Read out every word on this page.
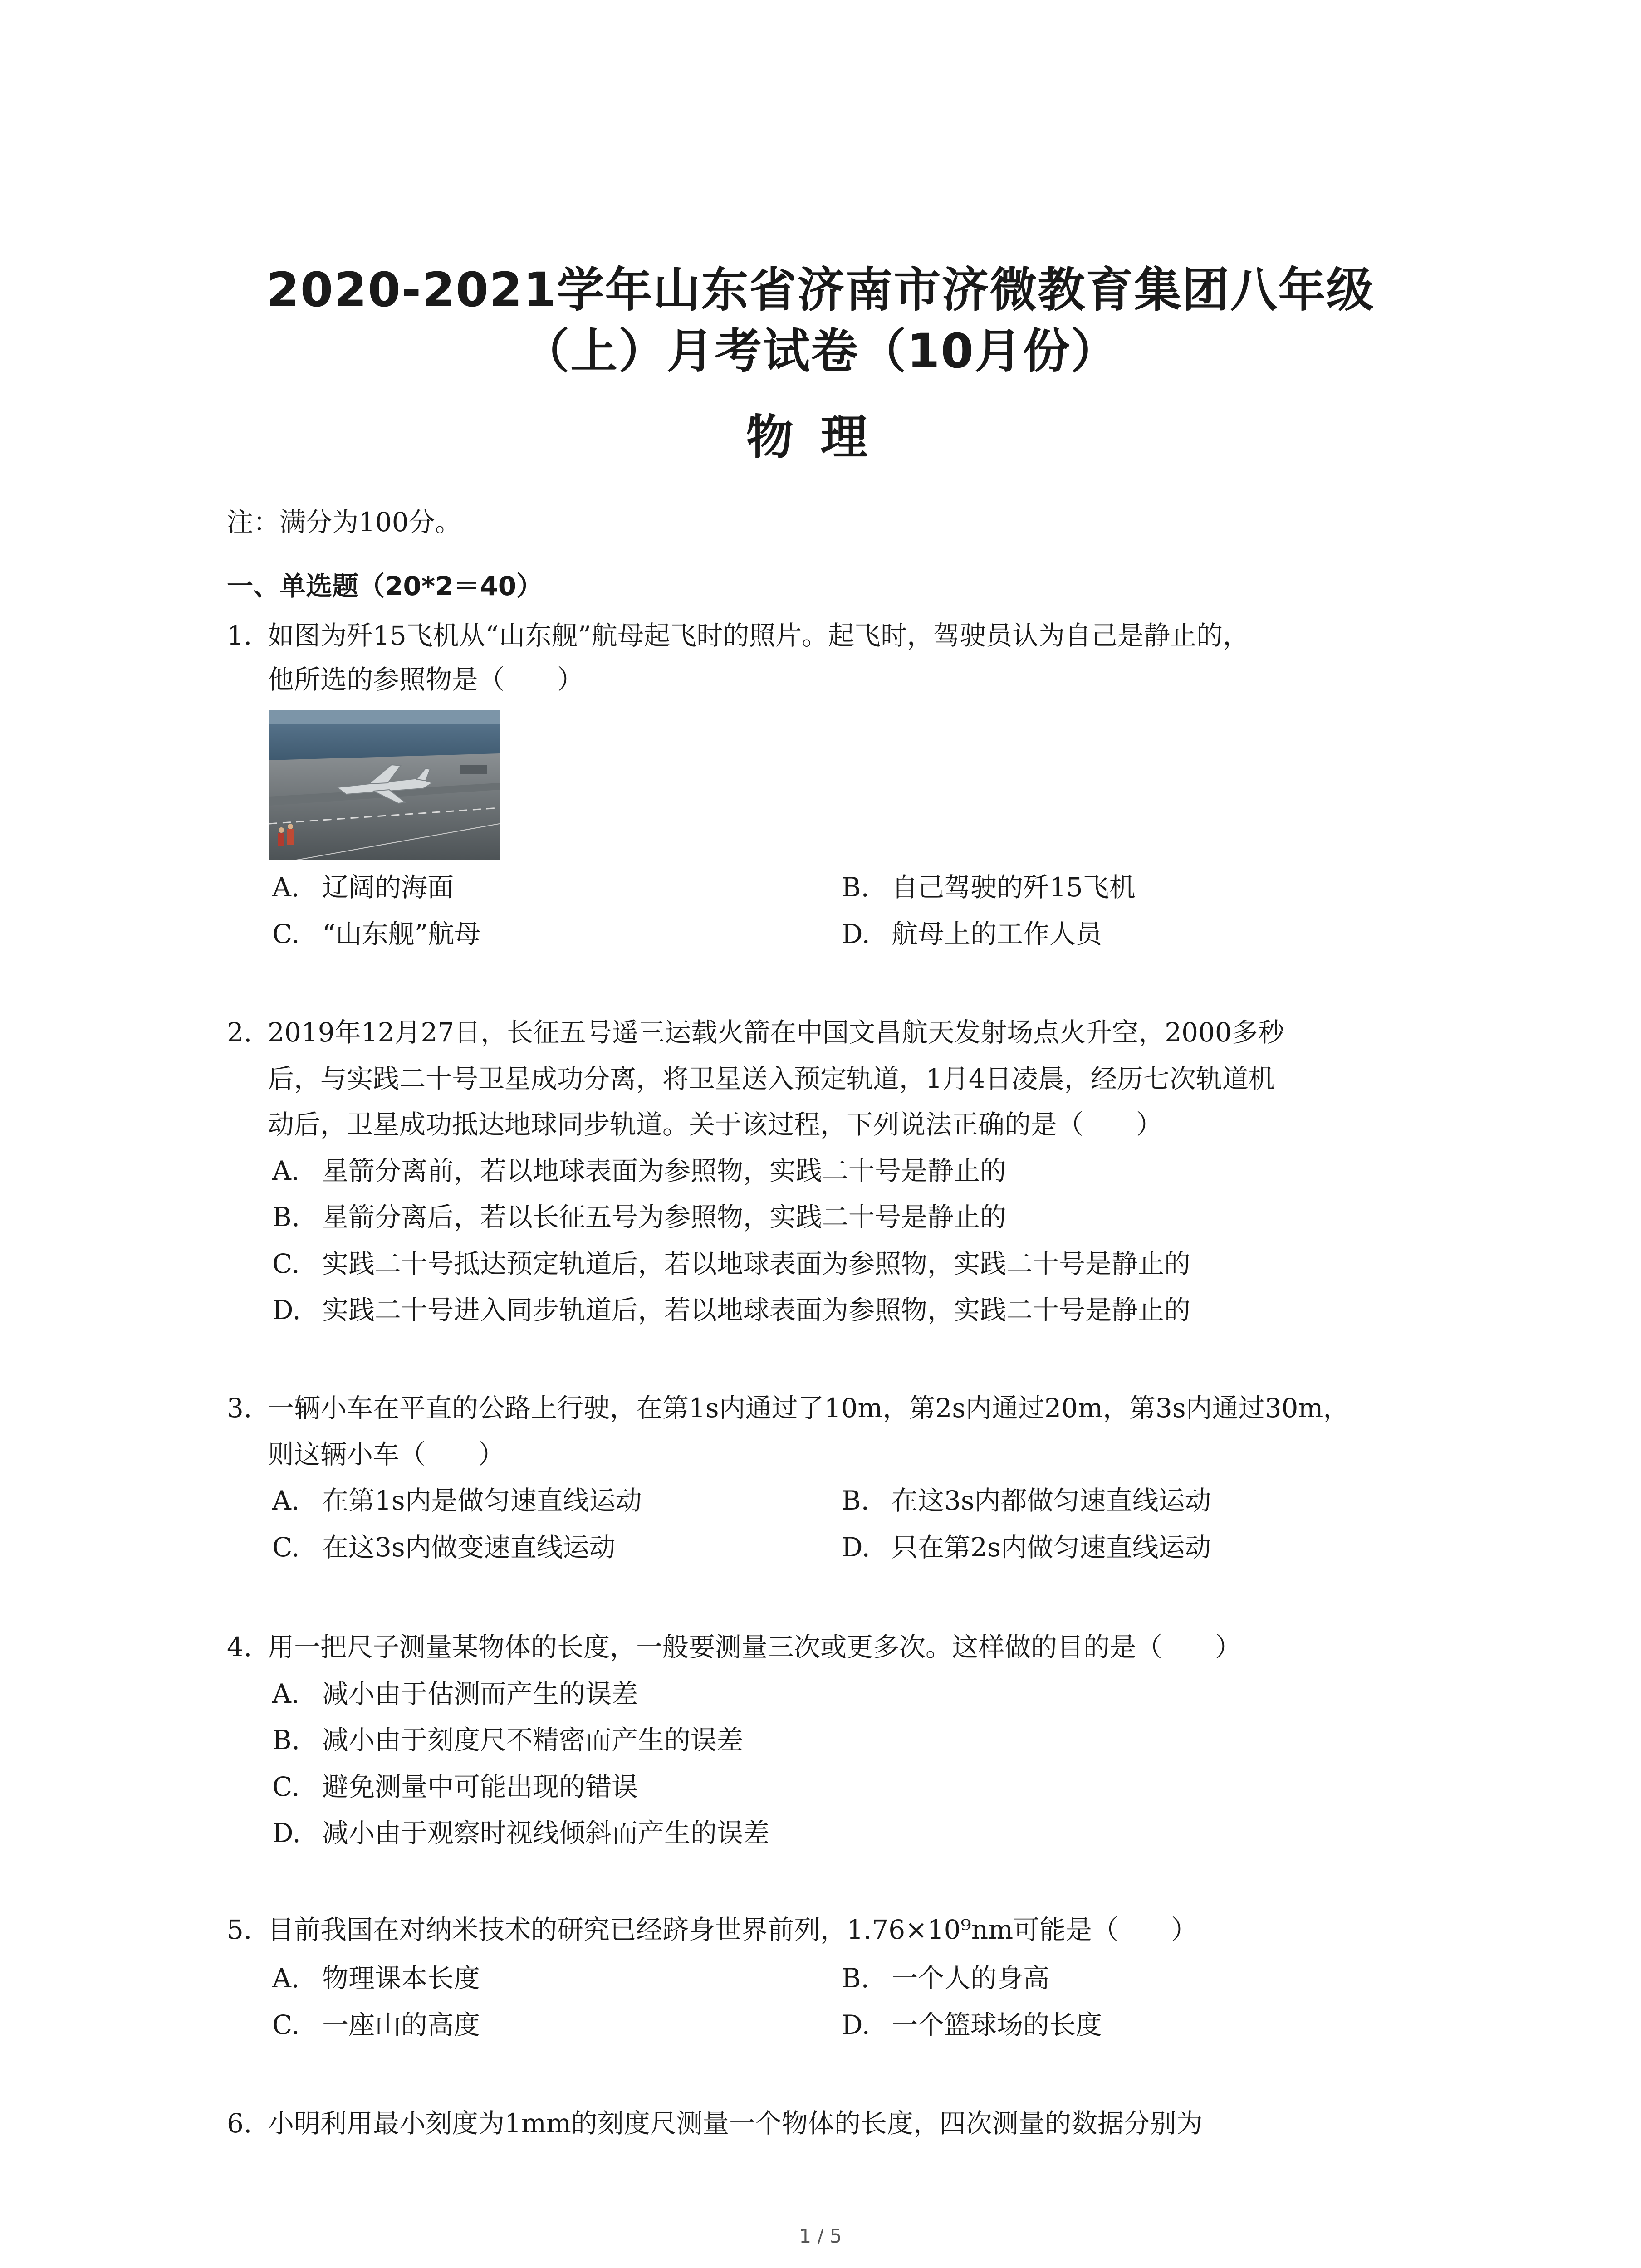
2020-2021学年山东省济南市济微教育集团八年级
（上）月考试卷（10月份）
物理
注：满分为100分。
一、单选题（20*2＝40）
1. 如图为歼15飞机从“山东舰”航母起飞时的照片。起飞时，驾驶员认为自己是静止的，
他所选的参照物是（　　）
A. 辽阔的海面	B. 自己驾驶的歼15飞机
C. “山东舰”航母	D. 航母上的工作人员
2. 2019年12月27日，长征五号遥三运载火箭在中国文昌航天发射场点火升空，2000多秒
后，与实践二十号卫星成功分离，将卫星送入预定轨道，1月4日凌晨，经历七次轨道机
动后，卫星成功抵达地球同步轨道。关于该过程，下列说法正确的是（　　）
A. 星箭分离前，若以地球表面为参照物，实践二十号是静止的
B. 星箭分离后，若以长征五号为参照物，实践二十号是静止的
C. 实践二十号抵达预定轨道后，若以地球表面为参照物，实践二十号是静止的
D. 实践二十号进入同步轨道后，若以地球表面为参照物，实践二十号是静止的
3. 一辆小车在平直的公路上行驶，在第1s内通过了10m，第2s内通过20m，第3s内通过30m，
则这辆小车（　　）
A. 在第1s内是做匀速直线运动	B. 在这3s内都做匀速直线运动
C. 在这3s内做变速直线运动	D. 只在第2s内做匀速直线运动
4. 用一把尺子测量某物体的长度，一般要测量三次或更多次。这样做的目的是（　　）
A. 减小由于估测而产生的误差
B. 减小由于刻度尺不精密而产生的误差
C. 避免测量中可能出现的错误
D. 减小由于观察时视线倾斜而产生的误差
5. 目前我国在对纳米技术的研究已经跻身世界前列，1.76×10⁹nm可能是（　　）
A. 物理课本长度	B. 一个人的身高
C. 一座山的高度	D. 一个篮球场的长度
6. 小明利用最小刻度为1mm的刻度尺测量一个物体的长度，四次测量的数据分别为
1 / 5
